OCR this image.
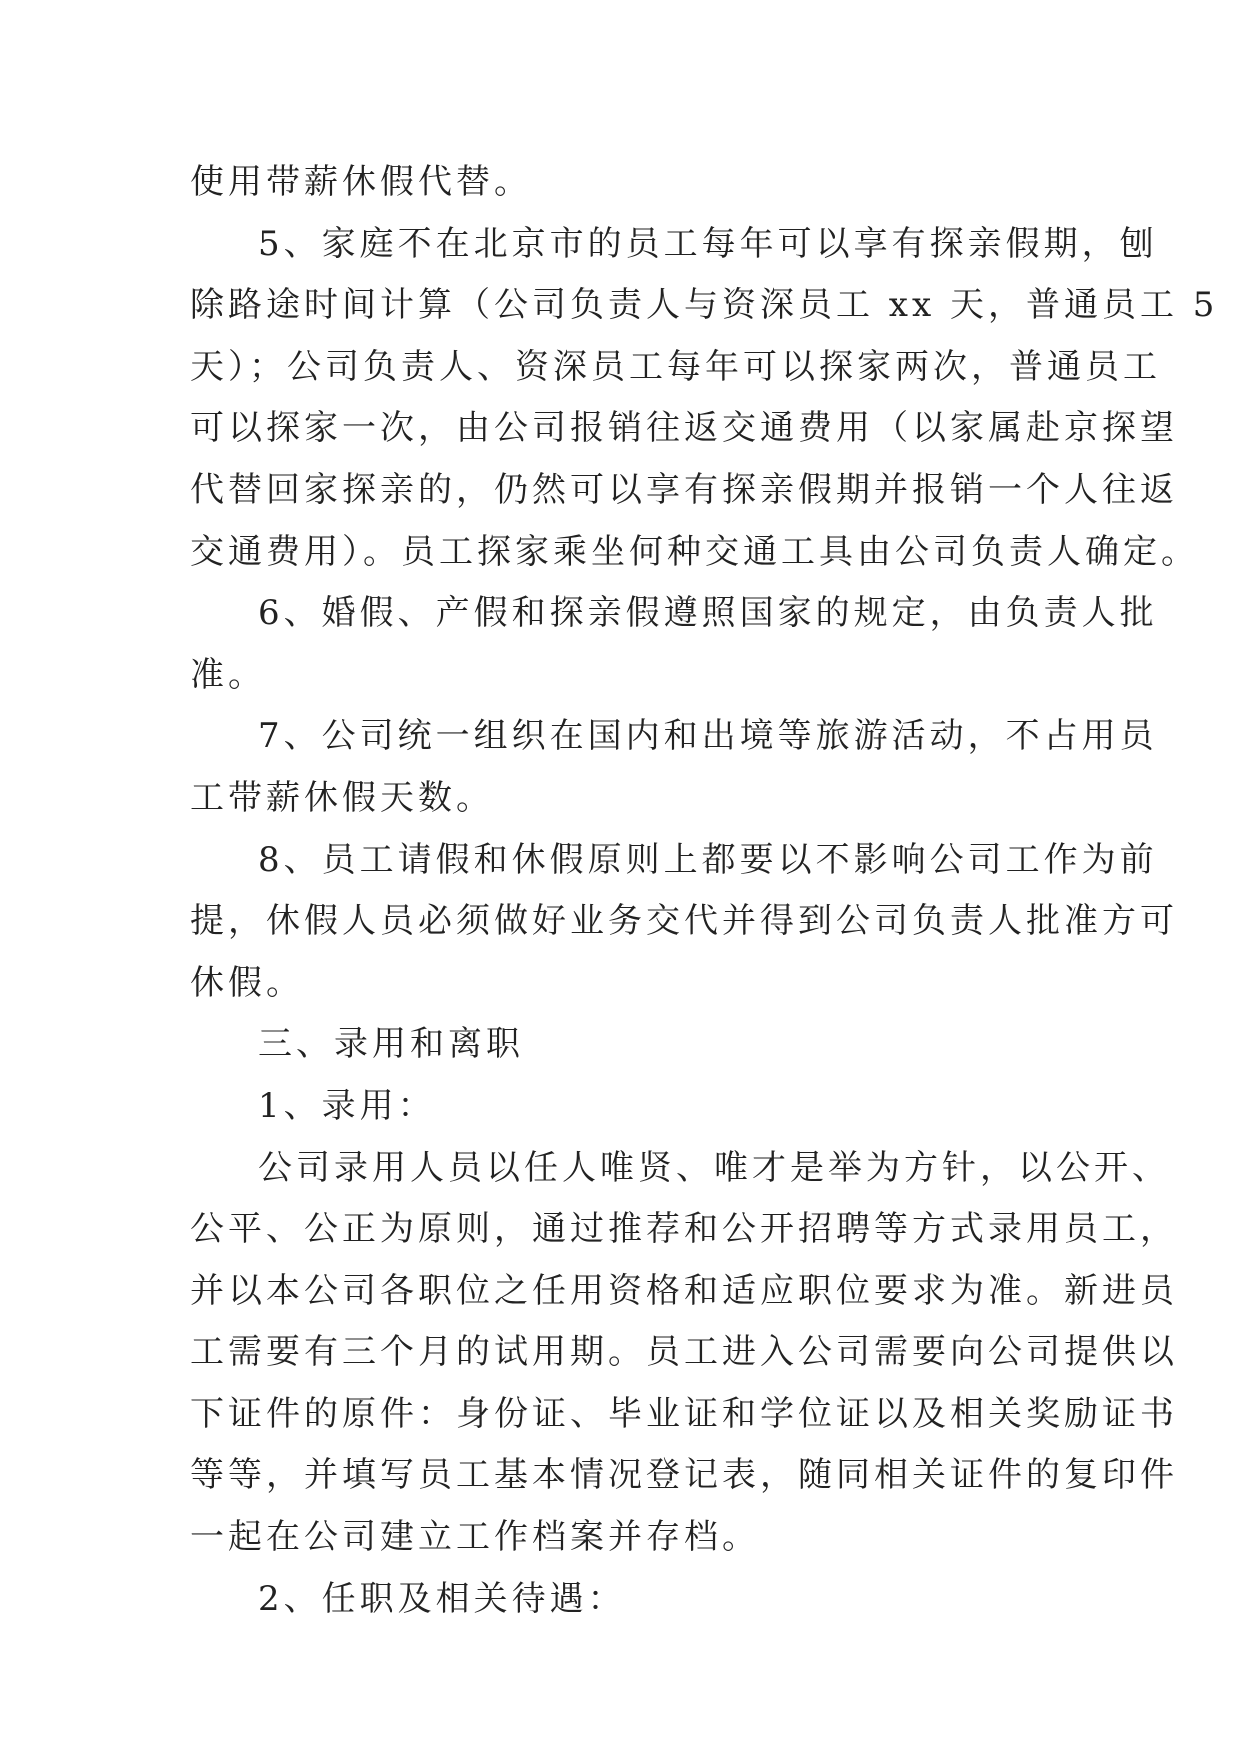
使用带薪休假代替。
5、家庭不在北京市的员工每年可以享有探亲假期，刨
除路途时间计算（公司负责人与资深员工 xx 天，普通员工 5
天）；公司负责人、资深员工每年可以探家两次，普通员工
可以探家一次，由公司报销往返交通费用（以家属赴京探望
代替回家探亲的，仍然可以享有探亲假期并报销一个人往返
交通费用）。员工探家乘坐何种交通工具由公司负责人确定。
6、婚假、产假和探亲假遵照国家的规定，由负责人批
准。
7、公司统一组织在国内和出境等旅游活动，不占用员
工带薪休假天数。
8、员工请假和休假原则上都要以不影响公司工作为前
提，休假人员必须做好业务交代并得到公司负责人批准方可
休假。
三、录用和离职
1、录用：
公司录用人员以任人唯贤、唯才是举为方针，以公开、
公平、公正为原则，通过推荐和公开招聘等方式录用员工，
并以本公司各职位之任用资格和适应职位要求为准。新进员
工需要有三个月的试用期。员工进入公司需要向公司提供以
下证件的原件：身份证、毕业证和学位证以及相关奖励证书
等等，并填写员工基本情况登记表，随同相关证件的复印件
一起在公司建立工作档案并存档。
2、任职及相关待遇：
